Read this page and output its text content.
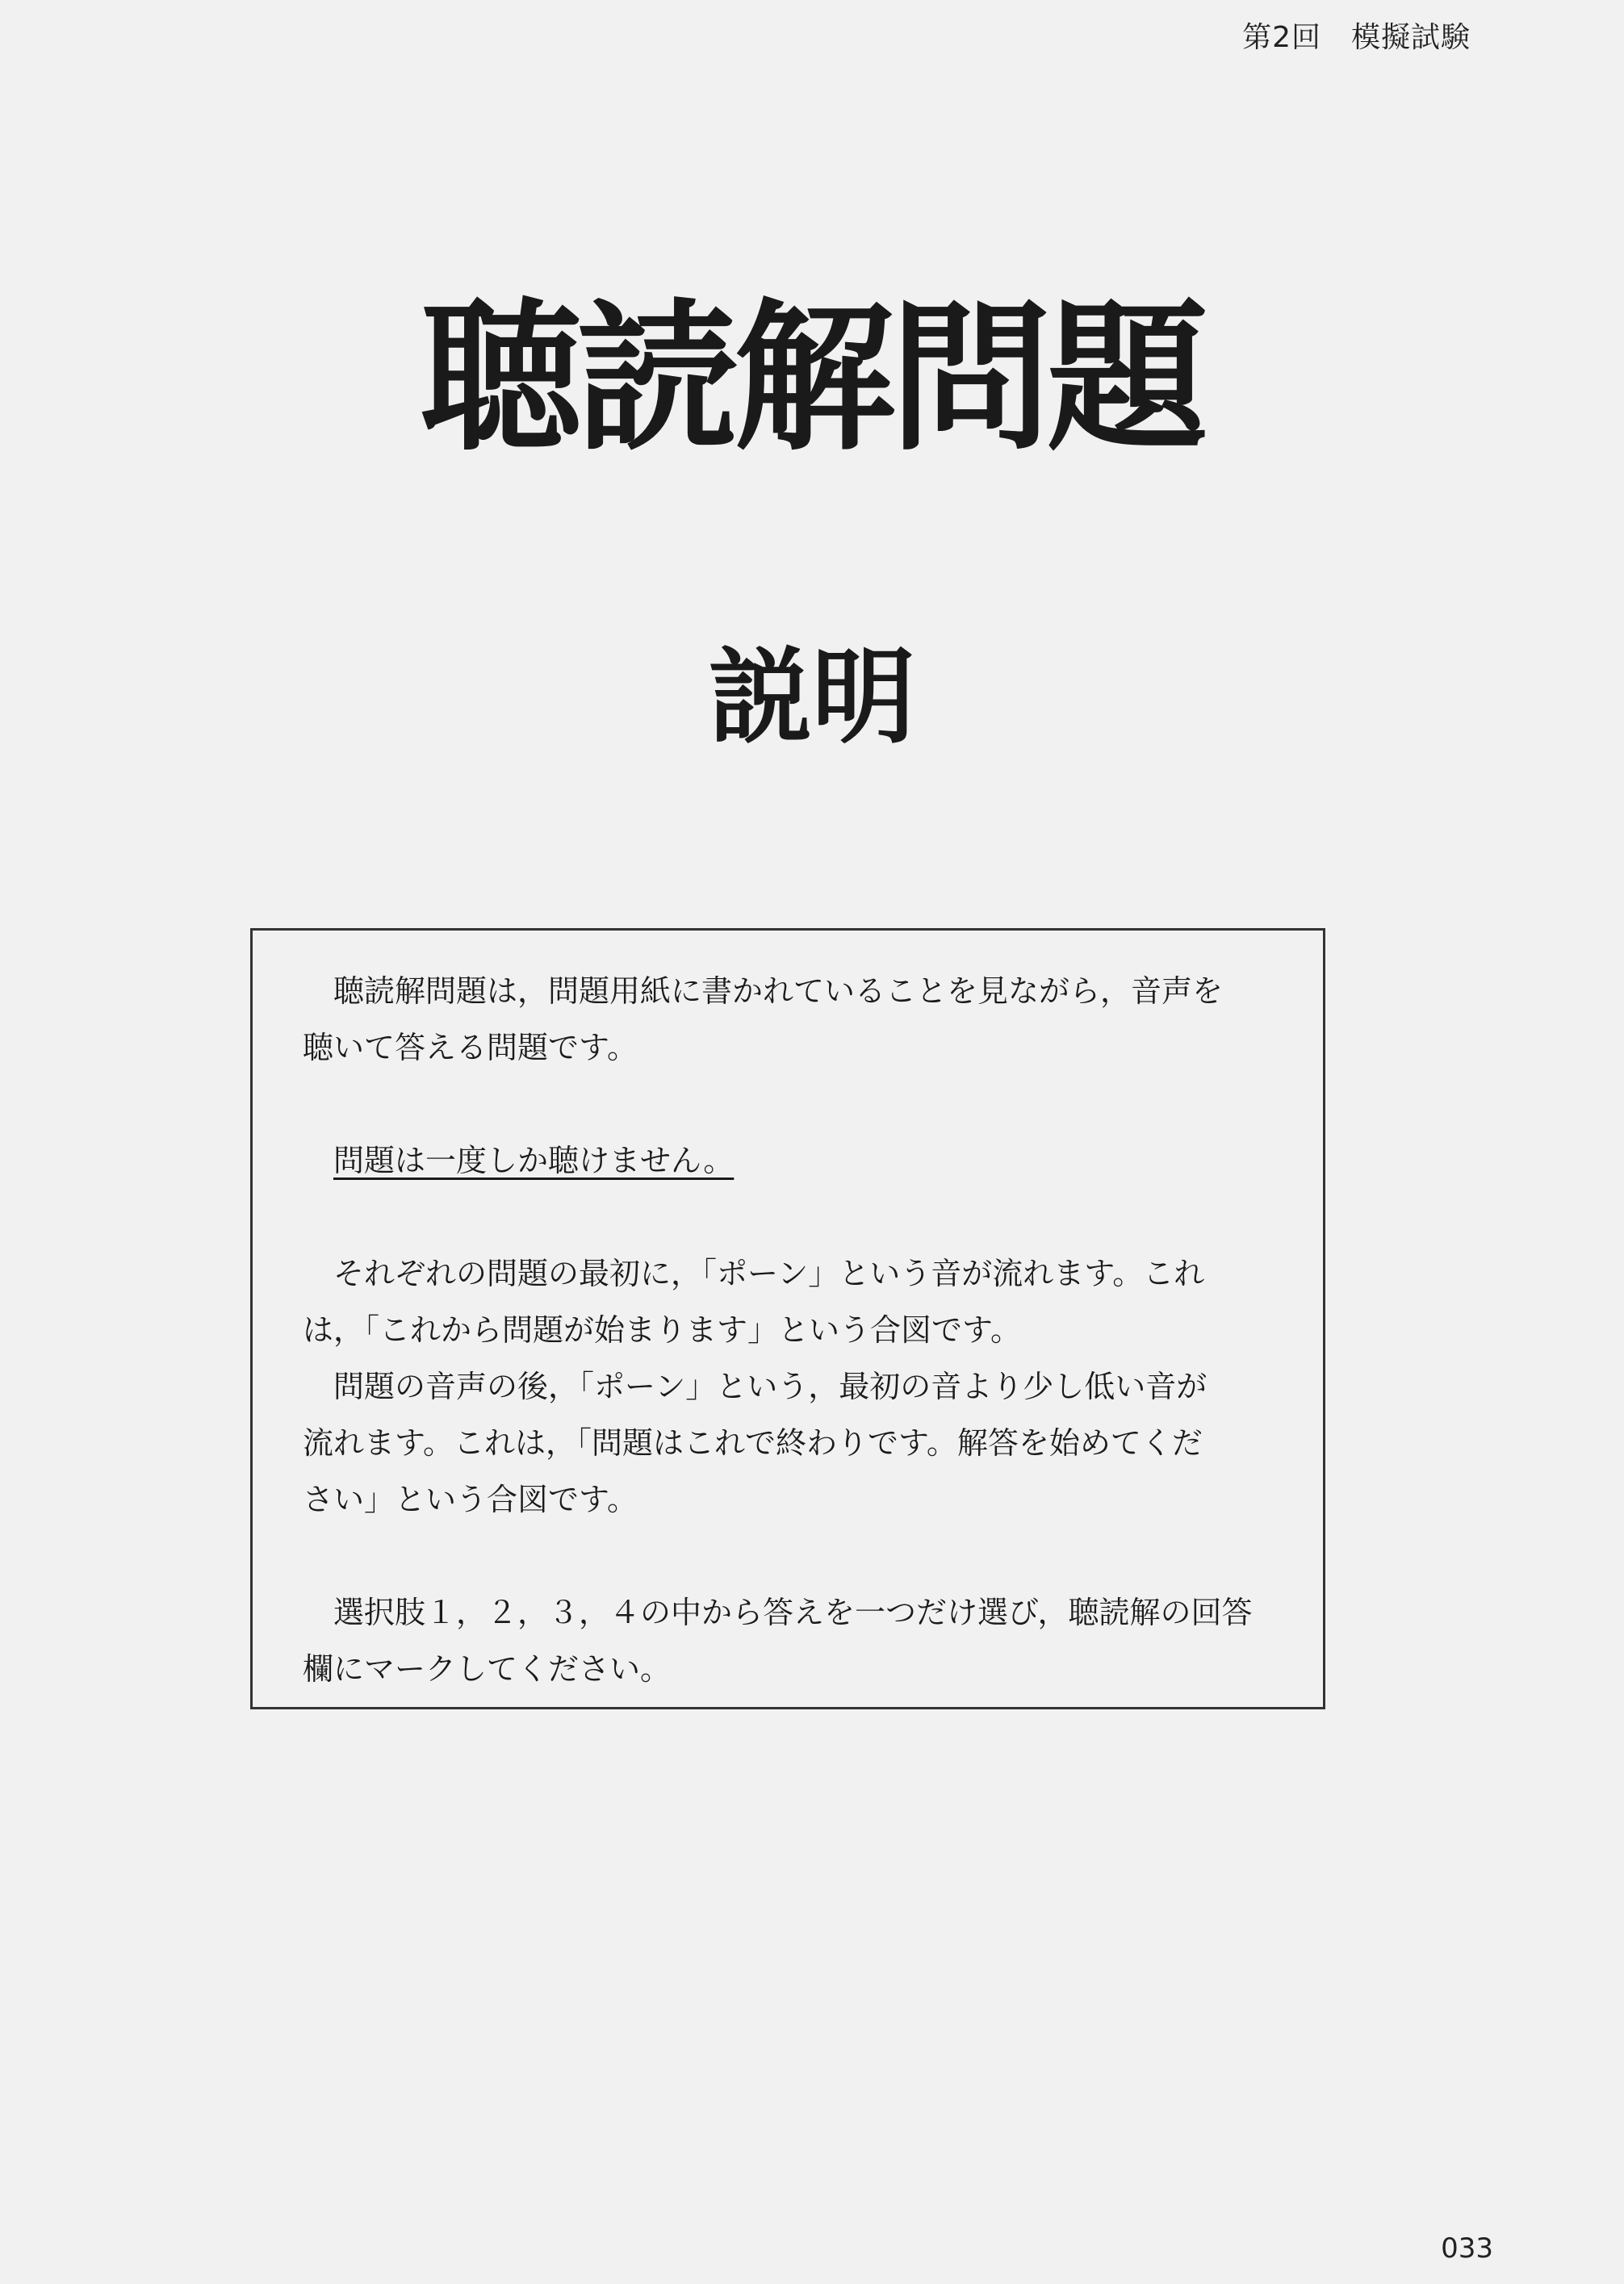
第2回　模擬試験
聴読解問題
説明

聴読解問題は，問題用紙に書かれていることを見ながら，音声を
聴いて答える問題です。

問題は一度しか聴けません。

それぞれの問題の最初に，「ポーン」という音が流れます。これ
は，「これから問題が始まります」という合図です。

問題の音声の後，「ポーン」という，最初の音より少し低い音が
流れます。これは，「問題はこれで終わりです。解答を始めてくだ
さい」という合図です。

選択肢１，２，３，４の中から答えを一つだけ選び，聴読解の回答
欄にマークしてください。

033
